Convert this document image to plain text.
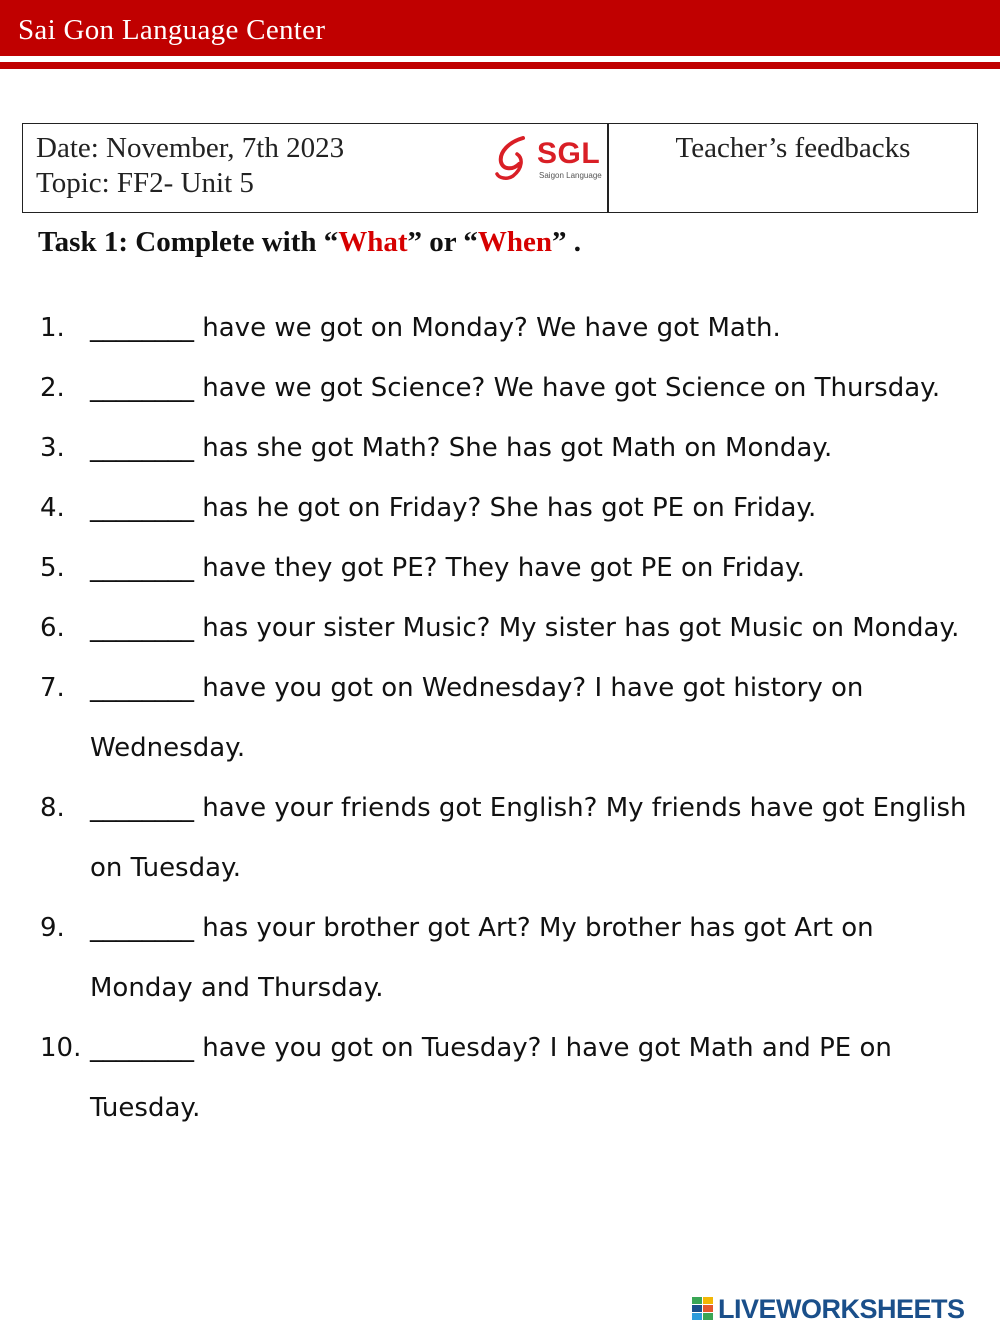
Sai Gon Language Center
Date: November, 7th 2023
Topic: FF2- Unit 5
SGL
Saigon Language
Teacher’s feedbacks
Task 1: Complete with “What” or “When” .
1. ________ have we got on Monday? We have got Math.
2. ________ have we got Science? We have got Science on Thursday.
3. ________ has she got Math? She has got Math on Monday.
4. ________ has he got on Friday? She has got PE on Friday.
5. ________ have they got PE? They have got PE on Friday.
6. ________ has your sister Music? My sister has got Music on Monday.
7. ________ have you got on Wednesday? I have got history on Wednesday.
8. ________ have your friends got English? My friends have got English on Tuesday.
9. ________ has your brother got Art? My brother has got Art on Monday and Thursday.
10. ________ have you got on Tuesday? I have got Math and PE on Tuesday.
LIVEWORKSHEETS
